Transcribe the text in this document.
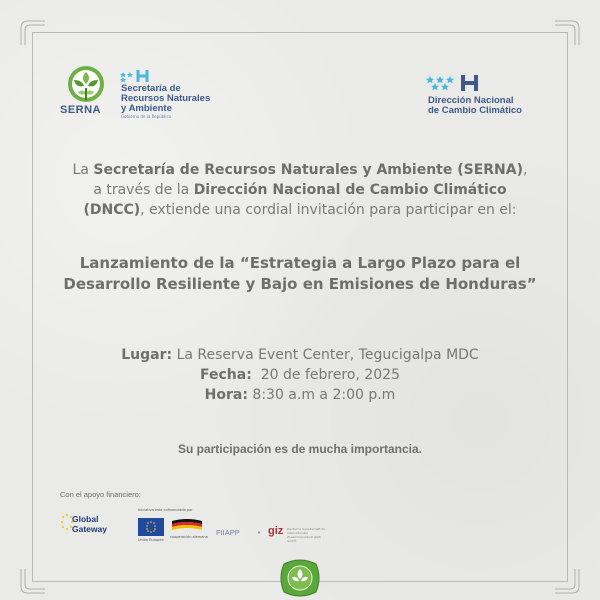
SERNA
Secretaría de
Recursos Naturales
y Ambiente
Gobierno de la República
Dirección Nacional
de Cambio Climático
La Secretaría de Recursos Naturales y Ambiente (SERNA),
a través de la Dirección Nacional de Cambio Climático
(DNCC), extiende una cordial invitación para participar en el:
Lanzamiento de la “Estrategia a Largo Plazo para el
Desarrollo Resiliente y Bajo en Emisiones de Honduras”
Lugar: La Reserva Event Center, Tegucigalpa MDC
Fecha:  20 de febrero, 2025
Hora: 8:30 a.m a 2:00 p.m
Su participación es de mucha importancia.
Con el apoyo financiero:
Global
Gateway
Iniciativa esta cofinanciada por
Unión Europea
cooperación alemana FIIAPP • giz Deutsche Gesellschaft für Internationale Zusammenarbeit (GIZ) GmbH
